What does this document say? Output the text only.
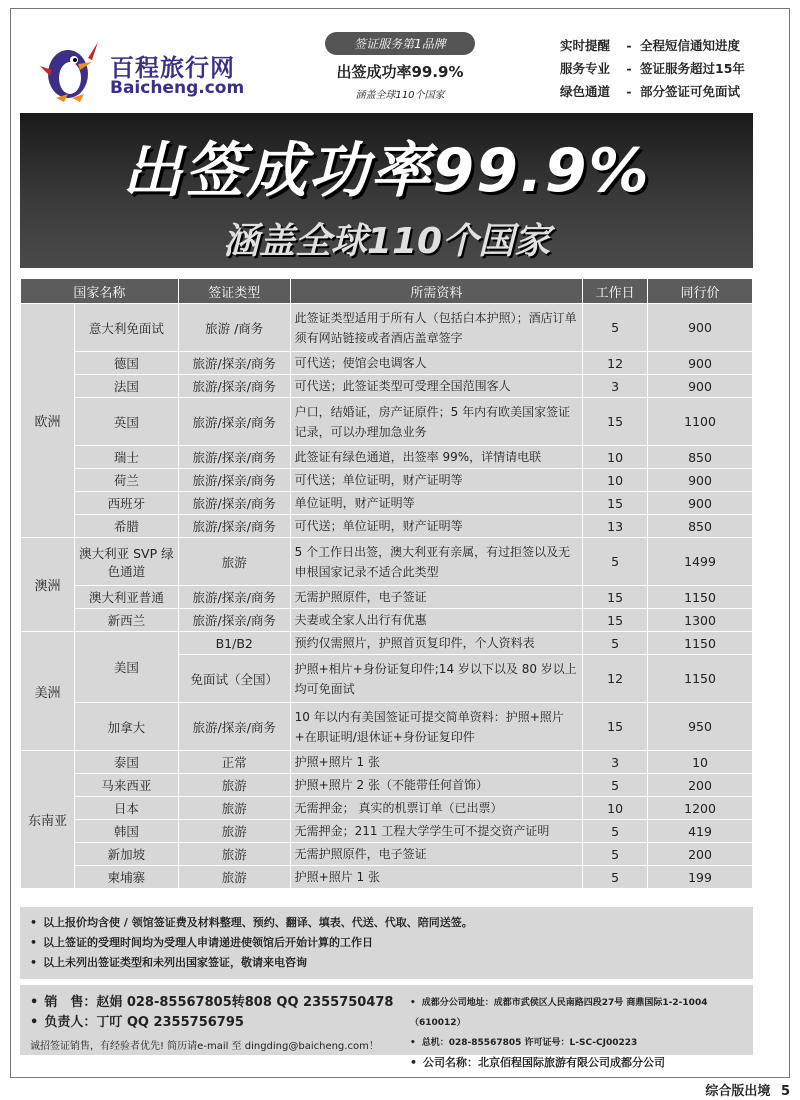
百程旅行网
Baicheng.com
签证服务第1品牌
出签成功率99.9%
涵盖全球110个国家
实时提醒	- 全程短信通知进度
服务专业	- 签证服务超过15年
绿色通道	- 部分签证可免面试
出签成功率99.9%
涵盖全球110个国家
国家名称		签证类型	所需资料	工作日	同行价
欧洲	意大利免面试	旅游 /商务	此签证类型适用于所有人（包括白本护照）；酒店订单须有网站链接或者酒店盖章签字	5	900
	德国	旅游/探亲/商务	可代送；使馆会电调客人	12	900
	法国	旅游/探亲/商务	可代送；此签证类型可受理全国范围客人	3	900
	英国	旅游/探亲/商务	户口，结婚证，房产证原件；5 年内有欧美国家签证记录，可以办理加急业务	15	1100
	瑞士	旅游/探亲/商务	此签证有绿色通道，出签率 99%，详情请电联	10	850
	荷兰	旅游/探亲/商务	可代送；单位证明，财产证明等	10	900
	西班牙	旅游/探亲/商务	单位证明，财产证明等	15	900
	希腊	旅游/探亲/商务	可代送；单位证明，财产证明等	13	850
澳洲	澳大利亚 SVP 绿色通道	旅游	5 个工作日出签，澳大利亚有亲属，有过拒签以及无申根国家记录不适合此类型	5	1499
	澳大利亚普通	旅游/探亲/商务	无需护照原件，电子签证	15	1150
	新西兰	旅游/探亲/商务	夫妻或全家人出行有优惠	15	1300
美洲	美国	B1/B2	预约仅需照片，护照首页复印件，个人资料表	5	1150
		免面试（全国）	护照+相片+身份证复印件;14 岁以下以及 80 岁以上均可免面试	12	1150
	加拿大	旅游/探亲/商务	10 年以内有美国签证可提交简单资料：护照+照片+在职证明/退休证+身份证复印件	15	950
东南亚	泰国	正常	护照+照片 1 张	3	10
	马来西亚	旅游	护照+照片 2 张（不能带任何首饰）	5	200
	日本	旅游	无需押金； 真实的机票订单（已出票）	10	1200
	韩国	旅游	无需押金；211 工程大学学生可不提交资产证明	5	419
	新加坡	旅游	无需护照原件，电子签证	5	200
	柬埔寨	旅游	护照+照片 1 张	5	199
• 以上报价均含使 / 领馆签证费及材料整理、预约、翻译、填表、代送、代取、陪同送签。
• 以上签证的受理时间均为受理人申请递进使领馆后开始计算的工作日
• 以上未列出签证类型和未列出国家签证，敬请来电咨询
• 销　售：赵娟 028-85567805转808 QQ 2355750478
• 负责人：丁叮 QQ 2355756795
诚招签证销售，有经验者优先! 简历请e-mail 至 dingding@baicheng.com！
• 成都分公司地址：成都市武侯区人民南路四段27号 商鼎国际1-2-1004（610012）
• 总机：028-85567805 许可证号：L-SC-CJ00223
• 公司名称：北京佰程国际旅游有限公司成都分公司
综合版出境 5
